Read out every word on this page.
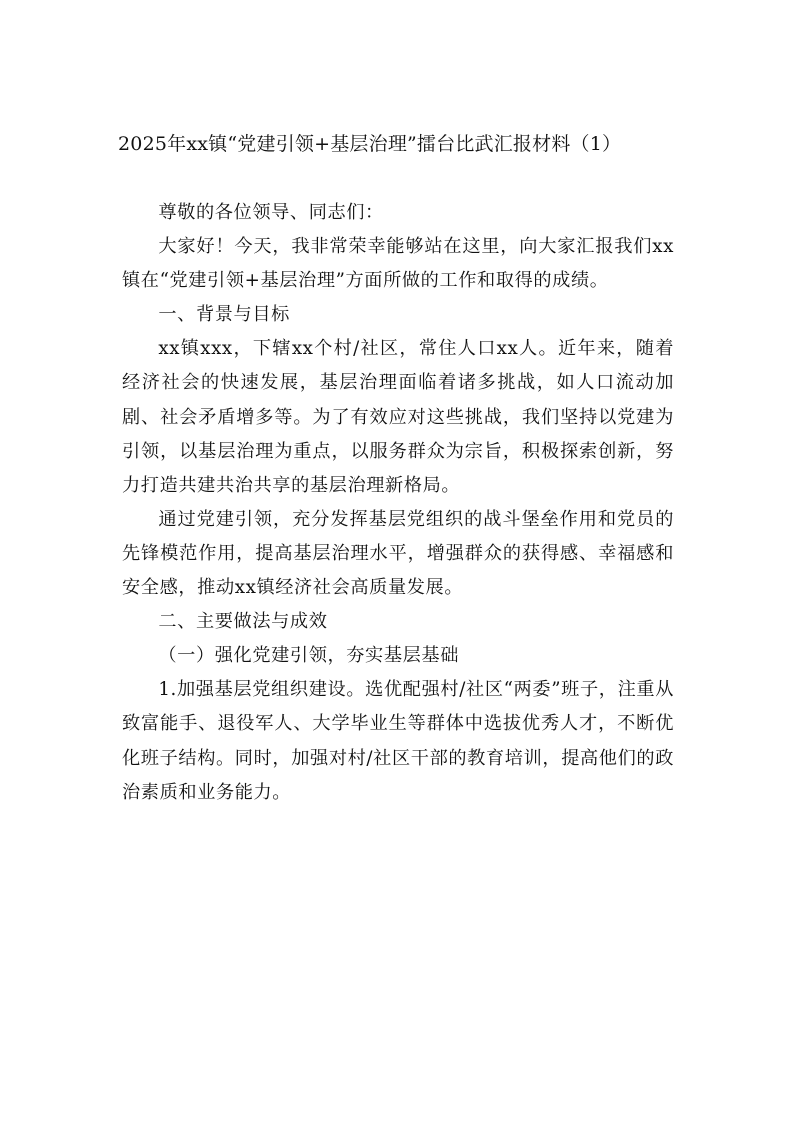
2025年xx镇“党建引领+基层治理”擂台比武汇报材料（1）

尊敬的各位领导、同志们：

大家好！今天，我非常荣幸能够站在这里，向大家汇报我们xx镇在“党建引领+基层治理”方面所做的工作和取得的成绩。

一、背景与目标

xx镇xxx，下辖xx个村/社区，常住人口xx人。近年来，随着经济社会的快速发展，基层治理面临着诸多挑战，如人口流动加剧、社会矛盾增多等。为了有效应对这些挑战，我们坚持以党建为引领，以基层治理为重点，以服务群众为宗旨，积极探索创新，努力打造共建共治共享的基层治理新格局。

通过党建引领，充分发挥基层党组织的战斗堡垒作用和党员的先锋模范作用，提高基层治理水平，增强群众的获得感、幸福感和安全感，推动xx镇经济社会高质量发展。

二、主要做法与成效

（一）强化党建引领，夯实基层基础

1.加强基层党组织建设。选优配强村/社区“两委”班子，注重从致富能手、退役军人、大学毕业生等群体中选拔优秀人才，不断优化班子结构。同时，加强对村/社区干部的教育培训，提高他们的政治素质和业务能力。
